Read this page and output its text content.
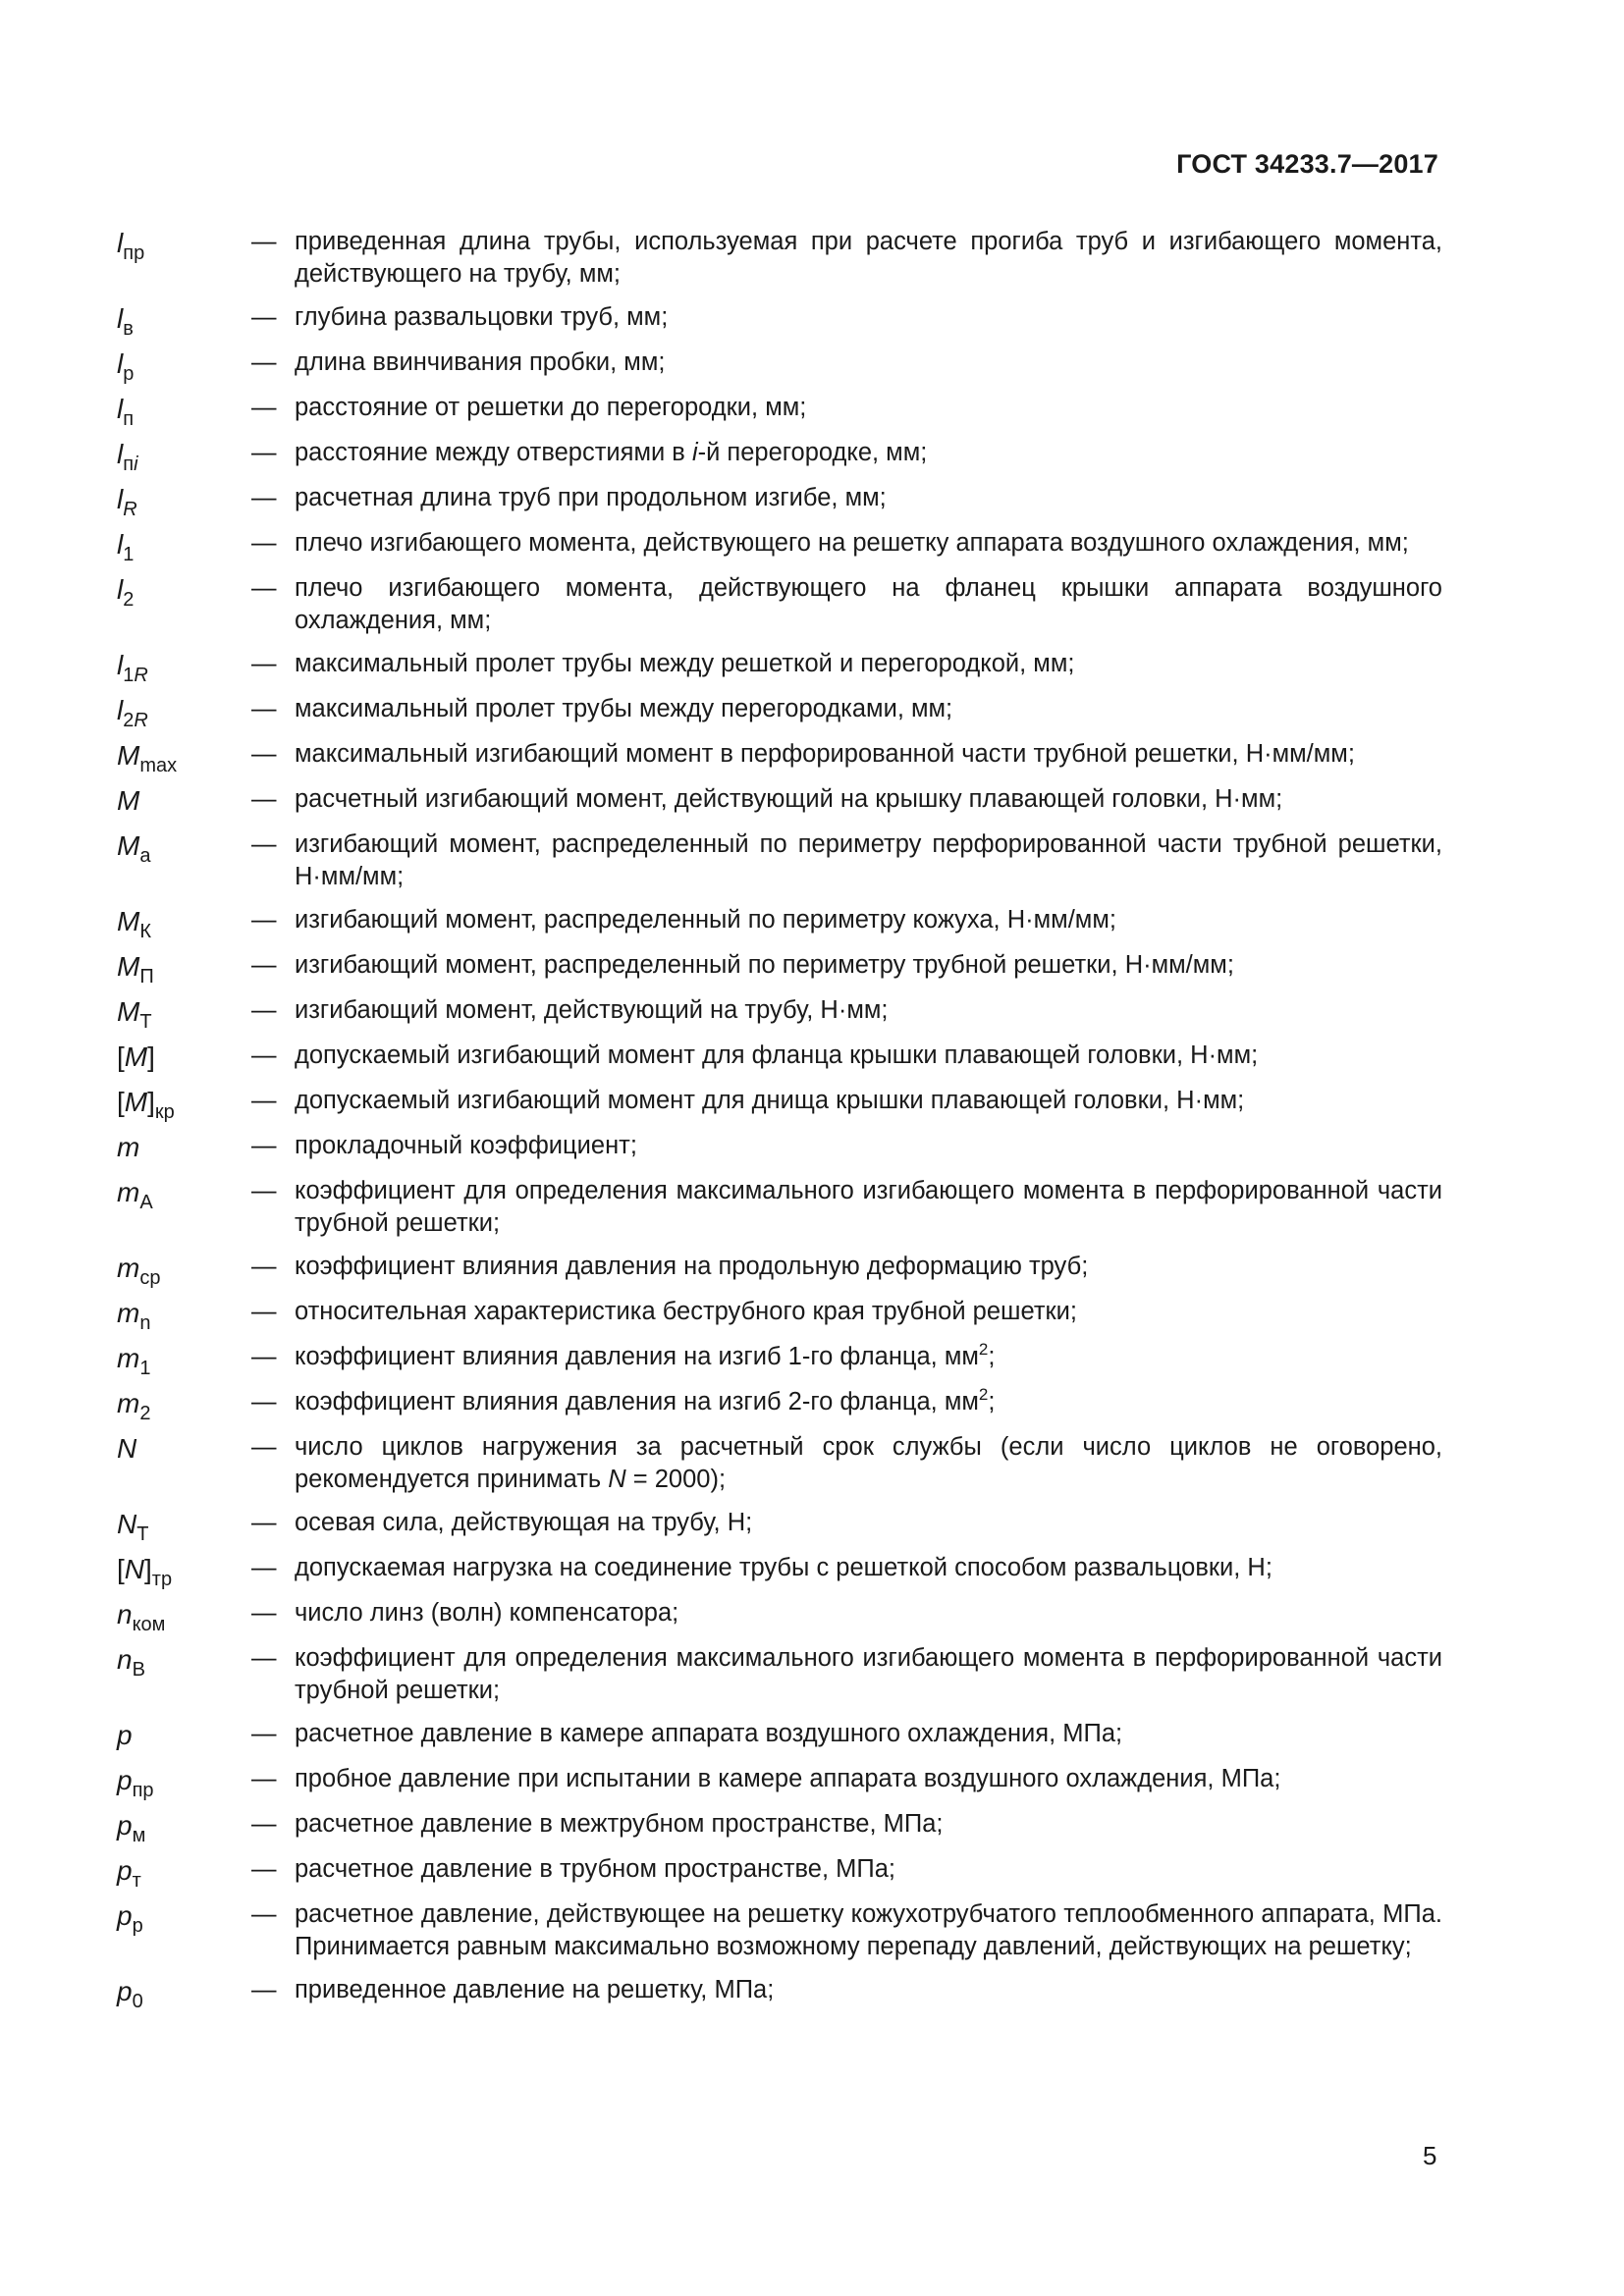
ГОСТ 34233.7—2017
$l_{пр}$	— приведенная длина трубы, используемая при расчете прогиба труб и изгибающего момента, действующего на трубу, мм;
$l_в$	— глубина развальцовки труб, мм;
$l_р$	— длина ввинчивания пробки, мм;
$l_п$	— расстояние от решетки до перегородки, мм;
$l_{пi}$	— расстояние между отверстиями в i-й перегородке, мм;
$l_R$	— расчетная длина труб при продольном изгибе, мм;
$l_1$	— плечо изгибающего момента, действующего на решетку аппарата воздушного охлаждения, мм;
$l_2$	— плечо изгибающего момента, действующего на фланец крышки аппарата воздушного охлаждения, мм;
$l_{1R}$	— максимальный пролет трубы между решеткой и перегородкой, мм;
$l_{2R}$	— максимальный пролет трубы между перегородками, мм;
$M_{max}$	— максимальный изгибающий момент в перфорированной части трубной решетки, Н·мм/мм;
M	— расчетный изгибающий момент, действующий на крышку плавающей головки, Н·мм;
$M_a$	— изгибающий момент, распределенный по периметру перфорированной части трубной решетки, Н·мм/мм;
$M_К$	— изгибающий момент, распределенный по периметру кожуха, Н·мм/мм;
$M_П$	— изгибающий момент, распределенный по периметру трубной решетки, Н·мм/мм;
$M_Т$	— изгибающий момент, действующий на трубу, Н·мм;
[M]	— допускаемый изгибающий момент для фланца крышки плавающей головки, Н·мм;
$[M]_{кр}$	— допускаемый изгибающий момент для днища крышки плавающей головки, Н·мм;
m	— прокладочный коэффициент;
$m_А$	— коэффициент для определения максимального изгибающего момента в перфорированной части трубной решетки;
$m_{ср}$	— коэффициент влияния давления на продольную деформацию труб;
$m_n$	— относительная характеристика беструбного края трубной решетки;
$m_1$	— коэффициент влияния давления на изгиб 1-го фланца, $мм^2$;
$m_2$	— коэффициент влияния давления на изгиб 2-го фланца, $мм^2$;
N	— число циклов нагружения за расчетный срок службы (если число циклов не оговорено, рекомендуется принимать N = 2000);
$N_Т$	— осевая сила, действующая на трубу, Н;
$[N]_{тр}$	— допускаемая нагрузка на соединение трубы с решеткой способом развальцовки, Н;
$n_{ком}$	— число линз (волн) компенсатора;
$n_В$	— коэффициент для определения максимального изгибающего момента в перфорированной части трубной решетки;
p	— расчетное давление в камере аппарата воздушного охлаждения, МПа;
$p_{пр}$	— пробное давление при испытании в камере аппарата воздушного охлаждения, МПа;
$p_м$	— расчетное давление в межтрубном пространстве, МПа;
$p_т$	— расчетное давление в трубном пространстве, МПа;
$p_р$	— расчетное давление, действующее на решетку кожухотрубчатого теплообменного аппарата, МПа. Принимается равным максимально возможному перепаду давлений, действующих на решетку;
$p_0$	— приведенное давление на решетку, МПа;
5
